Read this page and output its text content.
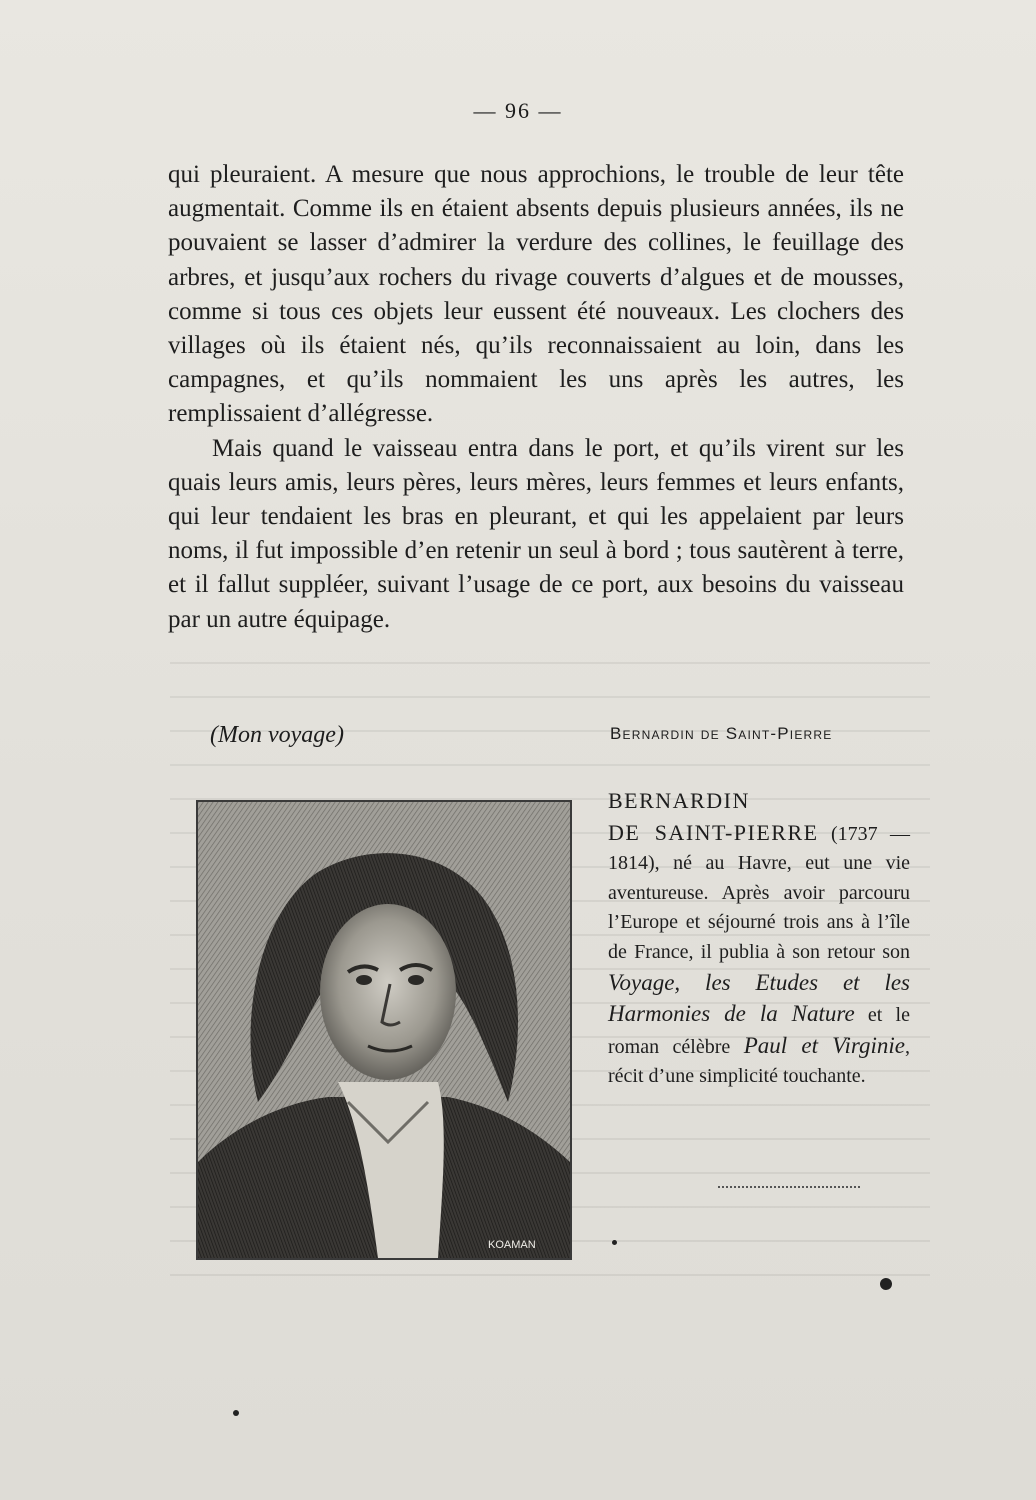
— 96 —

qui pleuraient. A mesure que nous approchions, le trouble de leur tête augmentait. Comme ils en étaient absents depuis plusieurs années, ils ne pouvaient se lasser d’admirer la verdure des collines, le feuillage des arbres, et jusqu’aux rochers du rivage couverts d’algues et de mousses, comme si tous ces objets leur eussent été nouveaux. Les clochers des villages où ils étaient nés, qu’ils reconnaissaient au loin, dans les campagnes, et qu’ils nommaient les uns après les autres, les remplissaient d’allégresse.

Mais quand le vaisseau entra dans le port, et qu’ils virent sur les quais leurs amis, leurs pères, leurs mères, leurs femmes et leurs enfants, qui leur tendaient les bras en pleurant, et qui les appelaient par leurs noms, il fut impossible d’en retenir un seul à bord ; tous sautèrent à terre, et il fallut suppléer, suivant l’usage de ce port, aux besoins du vaisseau par un autre équipage.

(Mon voyage)	Bernardin de Saint-Pierre
KOAMAN
BERNARDIN
DE SAINT-PIERRE (1737 —1814), né au Havre, eut une vie aventureuse. Après avoir parcouru l’Europe et séjourné trois ans à l’île de France, il publia à son retour son Voyage, les Etudes et les Harmonies de la Nature et le roman célèbre Paul et Virginie, récit d’une simplicité touchante.
